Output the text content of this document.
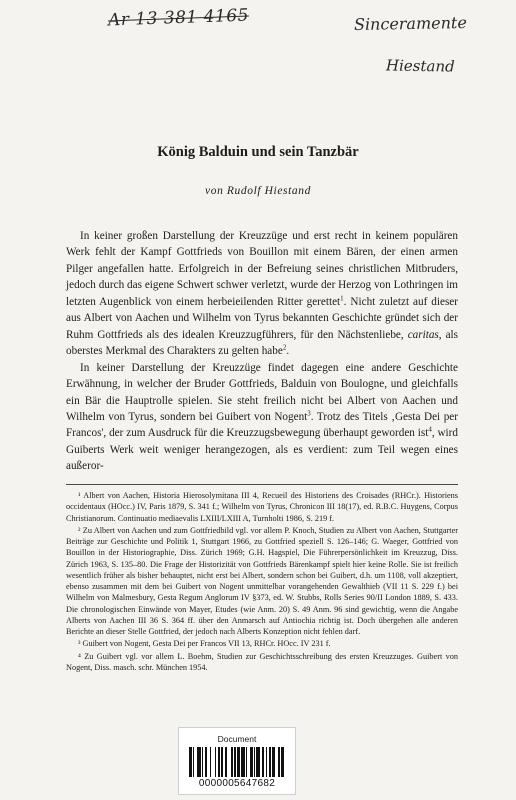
Ar 13 381 4165	Sinceramente
Hiestand
König Balduin und sein Tanzbär
von Rudolf Hiestand

In keiner großen Darstellung der Kreuzzüge und erst recht in keinem populären Werk fehlt der Kampf Gottfrieds von Bouillon mit einem Bären, der einen armen Pilger angefallen hatte. Erfolgreich in der Befreiung seines christlichen Mitbruders, jedoch durch das eigene Schwert schwer verletzt, wurde der Herzog von Lothringen im letzten Augenblick von einem herbeieilenden Ritter gerettet$^1$. Nicht zuletzt auf dieser aus Albert von Aachen und Wilhelm von Tyrus bekannten Geschichte gründet sich der Ruhm Gottfrieds als des idealen Kreuzzugführers, für den Nächstenliebe, caritas, als oberstes Merkmal des Charakters zu gelten habe$^2$.

In keiner Darstellung der Kreuzzüge findet dagegen eine andere Geschichte Erwähnung, in welcher der Bruder Gottfrieds, Balduin von Boulogne, und gleichfalls ein Bär die Hauptrolle spielen. Sie steht freilich nicht bei Albert von Aachen und Wilhelm von Tyrus, sondern bei Guibert von Nogent$^3$. Trotz des Titels ‚Gesta Dei per Francos', der zum Ausdruck für die Kreuzzugsbewegung überhaupt geworden ist$^4$, wird Guiberts Werk weit weniger herangezogen, als es verdient: zum Teil wegen eines außeror-

¹ Albert von Aachen, Historia Hierosolymitana III 4, Recueil des Historiens des Croisades (RHCr.). Historiens occidentaux (HOcc.) IV, Paris 1879, S. 341 f.; Wilhelm von Tyrus, Chronicon III 18(17), ed. R.B.C. Huygens, Corpus Christianorum. Continuatio mediaevalis LXIII/LXIII A, Turnholti 1986, S. 219 f.

² Zu Albert von Aachen und zum Gottfriedbild vgl. vor allem P. Knoch, Studien zu Albert von Aachen, Stuttgarter Beiträge zur Geschichte und Politik 1, Stuttgart 1966, zu Gottfried speziell S. 126–146; G. Waeger, Gottfried von Bouillon in der Historiographie, Diss. Zürich 1969; G.H. Hagspiel, Die Führerpersönlichkeit im Kreuzzug, Diss. Zürich 1963, S. 135–80. Die Frage der Historizität von Gottfrieds Bärenkampf spielt hier keine Rolle. Sie ist freilich wesentlich früher als bisher behauptet, nicht erst bei Albert, sondern schon bei Guibert, d.h. um 1108, voll akzeptiert, ebenso zusammen mit dem bei Guibert von Nogent unmittelbar vorangehenden Gewalthieb (VII 11 S. 229 f.) bei Wilhelm von Malmesbury, Gesta Regum Anglorum IV §373, ed. W. Stubbs, Rolls Series 90/II London 1889, S. 433. Die chronologischen Einwände von Mayer, Etudes (wie Anm. 20) S. 49 Anm. 96 sind gewichtig, wenn die Angabe Alberts von Aachen III 36 S. 364 ff. über den Anmarsch auf Antiochia richtig ist. Doch übergehen alle anderen Berichte an dieser Stelle Gottfried, der jedoch nach Alberts Konzeption nicht fehlen darf.

³ Guibert von Nogent, Gesta Dei per Francos VII 13, RHCr. HOcc. IV 231 f.

⁴ Zu Guibert vgl. vor allem L. Boehm, Studien zur Geschichtsschreibung des ersten Kreuzzuges. Guibert von Nogent, Diss. masch. schr. München 1954.

Document
0000005647682
